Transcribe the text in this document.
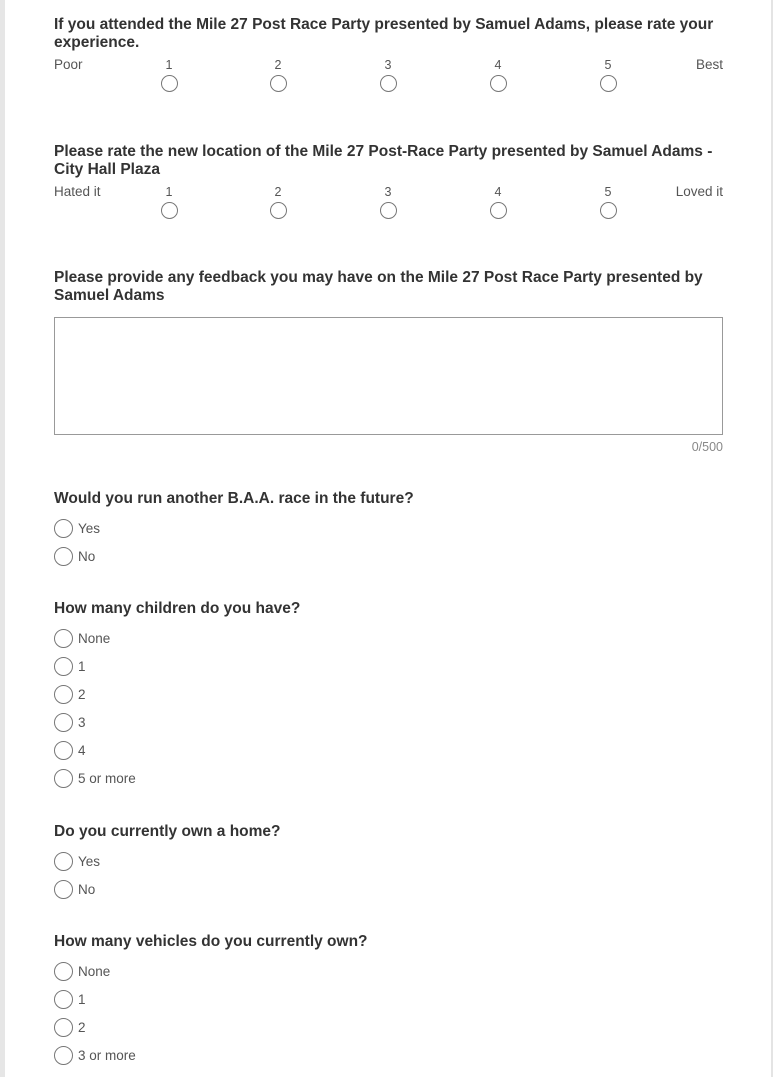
If you attended the Mile 27 Post Race Party presented by Samuel Adams, please rate your experience.

Poor	1	2	3	4	5	Best

Please rate the new location of the Mile 27 Post-Race Party presented by Samuel Adams - City Hall Plaza

Hated it	1	2	3	4	5	Loved it

Please provide any feedback you may have on the Mile 27 Post Race Party presented by Samuel Adams

0/500

Would you run another B.A.A. race in the future?

Yes
No

How many children do you have?

None
1
2
3
4
5 or more

Do you currently own a home?

Yes
No

How many vehicles do you currently own?

None
1
2
3 or more
